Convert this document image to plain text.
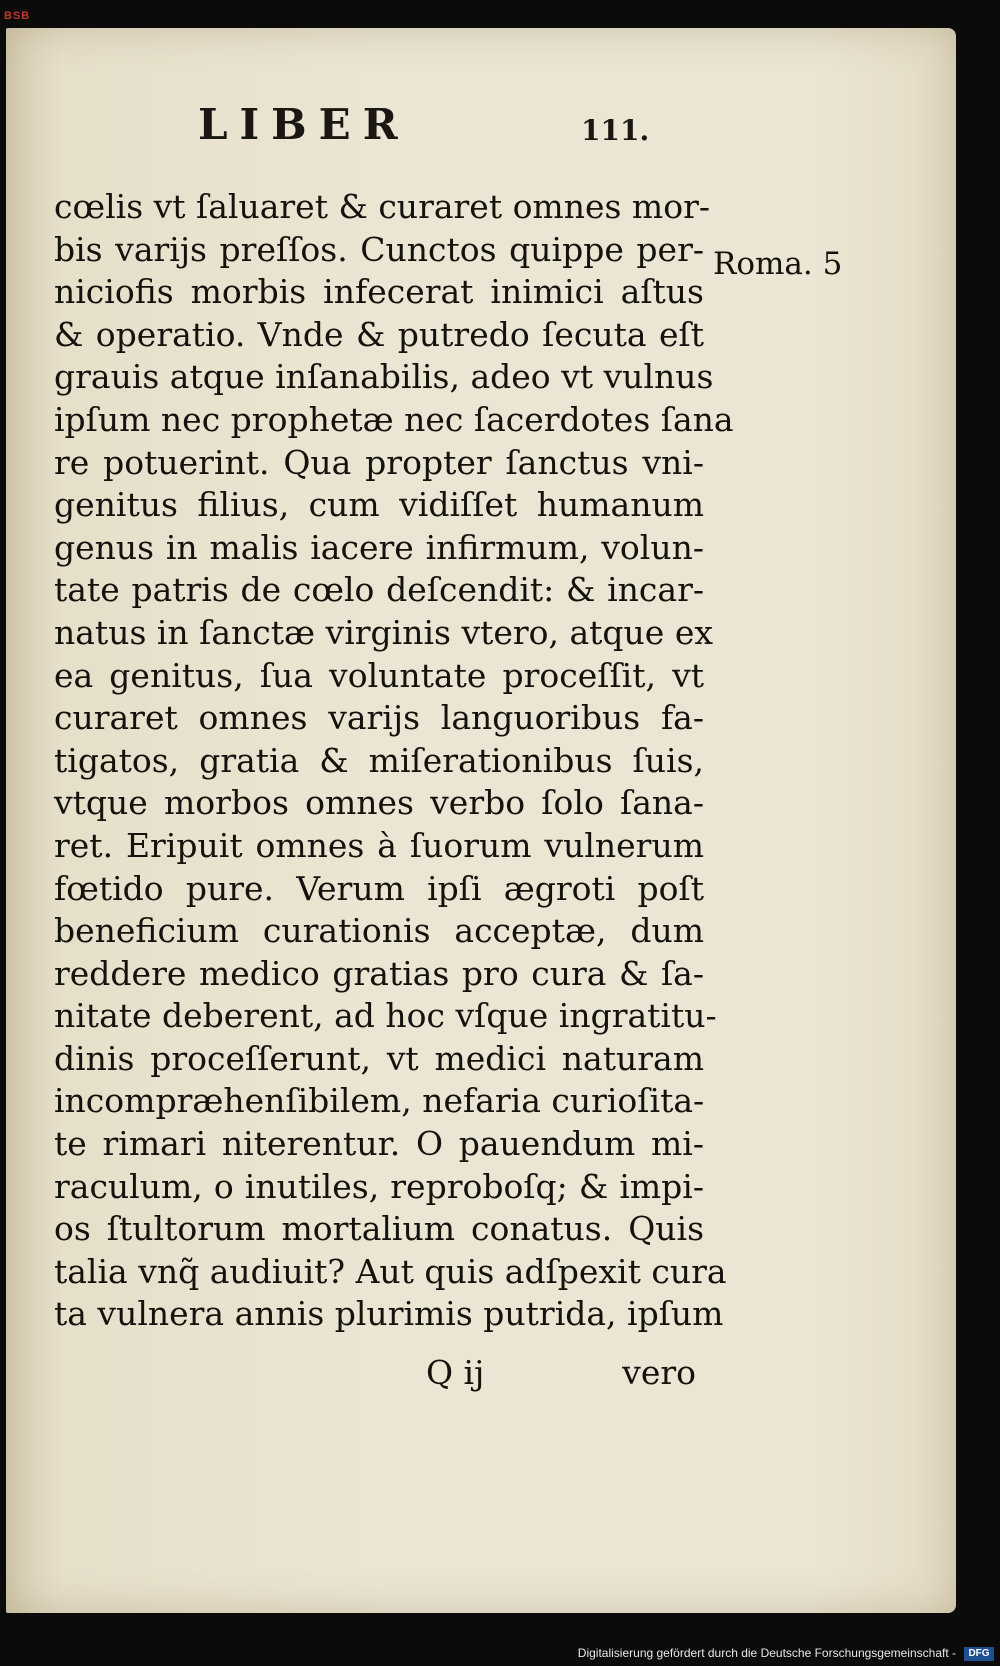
BSB
LIBER	111.
cœlis vt ſaluaret & curaret omnes mor-
bis variјs preſſos. Cunctos quippe per-
niciofis morbis infecerat inimici aſtus
& operatio. Vnde & putredo ſecuta eſt
grauis atque inſanabilis, adeo vt vulnus
ipſum nec prophetæ nec ſacerdotes ſana
re potuerint. Qua propter ſanctus vni-
genitus filius, cum vidiſſet humanum
genus in malis iacere infirmum, volun-
tate patris de cœlo deſcendit: & incar-
natus in ſanctæ virginis vtero, atque ex
ea genitus, ſua voluntate proceſſit, vt
curaret omnes variјs languoribus fa-
tigatos, gratia & miſerationibus ſuis,
vtque morbos omnes verbo ſolo ſana-
ret. Eripuit omnes à ſuorum vulnerum
fœtido pure. Verum ipſi ægroti poſt
beneficium curationis acceptæ, dum
reddere medico gratias pro cura & ſa-
nitate deberent, ad hoc vſque ingratitu-
dinis proceſſerunt, vt medici naturam
incompræhenſibilem, nefaria curioſita-
te rimari niterentur. O pauendum mi-
raculum, o inutiles, reproboſq; & impi-
os ſtultorum mortalium conatus. Quis
talia vnq̃ audiuit? Aut quis adſpexit cura
ta vulnera annis plurimis putrida, ipſum
Roma. 5
Q ij	vero
Digitalisierung gefördert durch die Deutsche Forschungsgemeinschaft -	DFG
